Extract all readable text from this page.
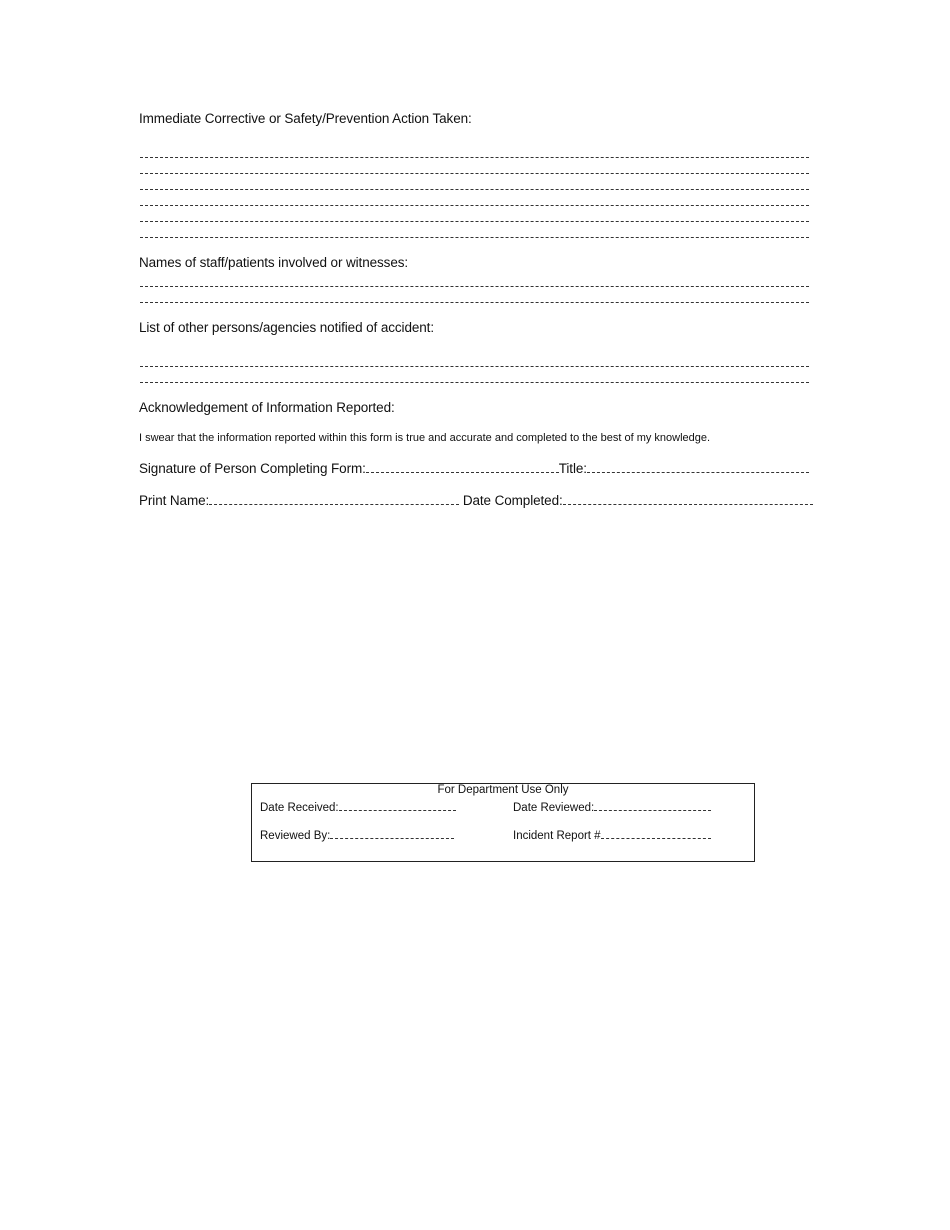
Immediate Corrective or Safety/Prevention Action Taken:
Names of staff/patients involved or witnesses:
List of other persons/agencies notified of accident:
Acknowledgement of Information Reported:
I swear that the information reported within this form is true and accurate and completed to the best of my knowledge.
Signature of Person Completing Form:	Title:
Print Name:	Date Completed:
For Department Use Only
Date Received:	Date Reviewed:
Reviewed By:	Incident Report #
